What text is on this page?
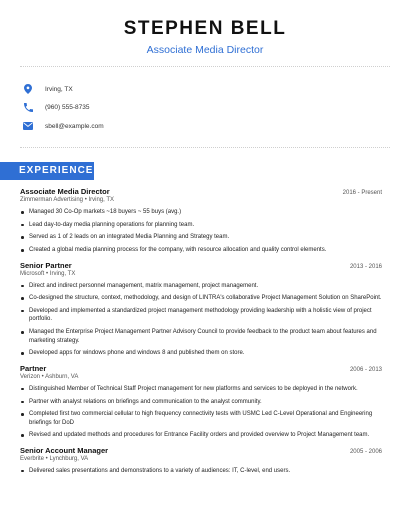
STEPHEN BELL
Associate Media Director
Irving, TX
(960) 555-8735
sbell@example.com
EXPERIENCE
Associate Media Director	2016 - Present
Zimmerman Advertising • Irving, TX
Managed 30 Co-Op markets ~18 buyers ~ 55 buys (avg.)
Lead day-to-day media planning operations for planning team.
Served as 1 of 2 leads on an integrated Media Planning and Strategy team.
Created a global media planning process for the company, with resource allocation and quality control elements.
Senior Partner	2013 - 2016
Microsoft • Irving, TX
Direct and indirect personnel management, matrix management, project management.
Co-designed the structure, context, methodology, and design of LINTRA's collaborative Project Management Solution on SharePoint.
Developed and implemented a standardized project management methodology providing leadership with a holistic view of project portfolio.
Managed the Enterprise Project Management Partner Advisory Council to provide feedback to the product team about features and marketing strategy.
Developed apps for windows phone and windows 8 and published them on store.
Partner	2006 - 2013
Verizon • Ashburn, VA
Distinguished Member of Technical Staff Project management for new platforms and services to be deployed in the network.
Partner with analyst relations on briefings and communication to the analyst community.
Completed first two commercial cellular to high frequency connectivity tests with USMC Led C-Level Operational and Engineering briefings for DoD
Revised and updated methods and procedures for Entrance Facility orders and provided overview to Project Management team.
Senior Account Manager	2005 - 2006
Everbrite • Lynchburg, VA
Delivered sales presentations and demonstrations to a variety of audiences: IT, C-level, end users.
